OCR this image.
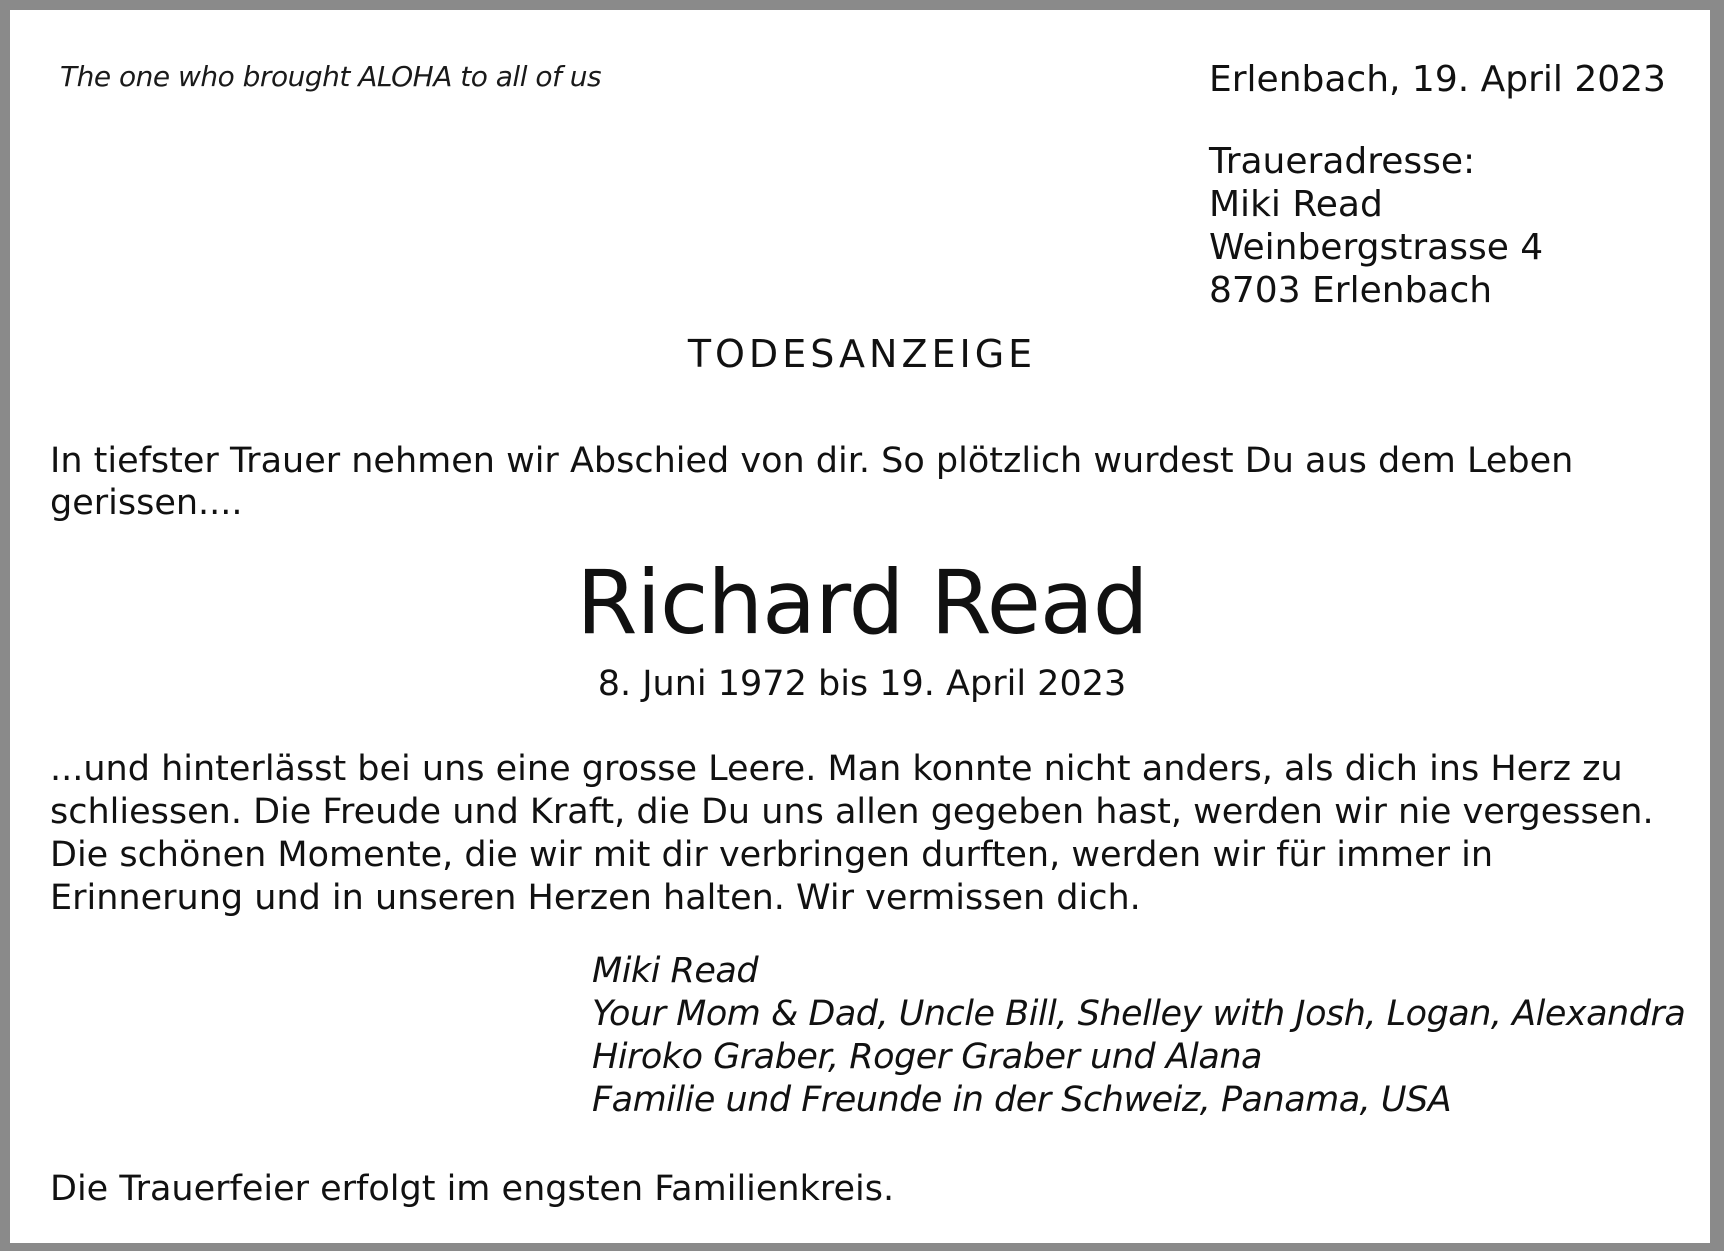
The one who brought ALOHA to all of us	Erlenbach, 19. April 2023
Traueradresse:
Miki Read
Weinbergstrasse 4
8703 Erlenbach
TODESANZEIGE
In tiefster Trauer nehmen wir Abschied von dir. So plötzlich wurdest Du aus dem Leben gerissen....
Richard Read
8. Juni 1972 bis 19. April 2023
...und hinterlässt bei uns eine grosse Leere. Man konnte nicht anders, als dich ins Herz zu schliessen. Die Freude und Kraft, die Du uns allen gegeben hast, werden wir nie vergessen. Die schönen Momente, die wir mit dir verbringen durften, werden wir für immer in Erinnerung und in unseren Herzen halten. Wir vermissen dich.
Miki Read
Your Mom & Dad, Uncle Bill, Shelley with Josh, Logan, Alexandra
Hiroko Graber, Roger Graber und Alana
Familie und Freunde in der Schweiz, Panama, USA
Die Trauerfeier erfolgt im engsten Familienkreis.
